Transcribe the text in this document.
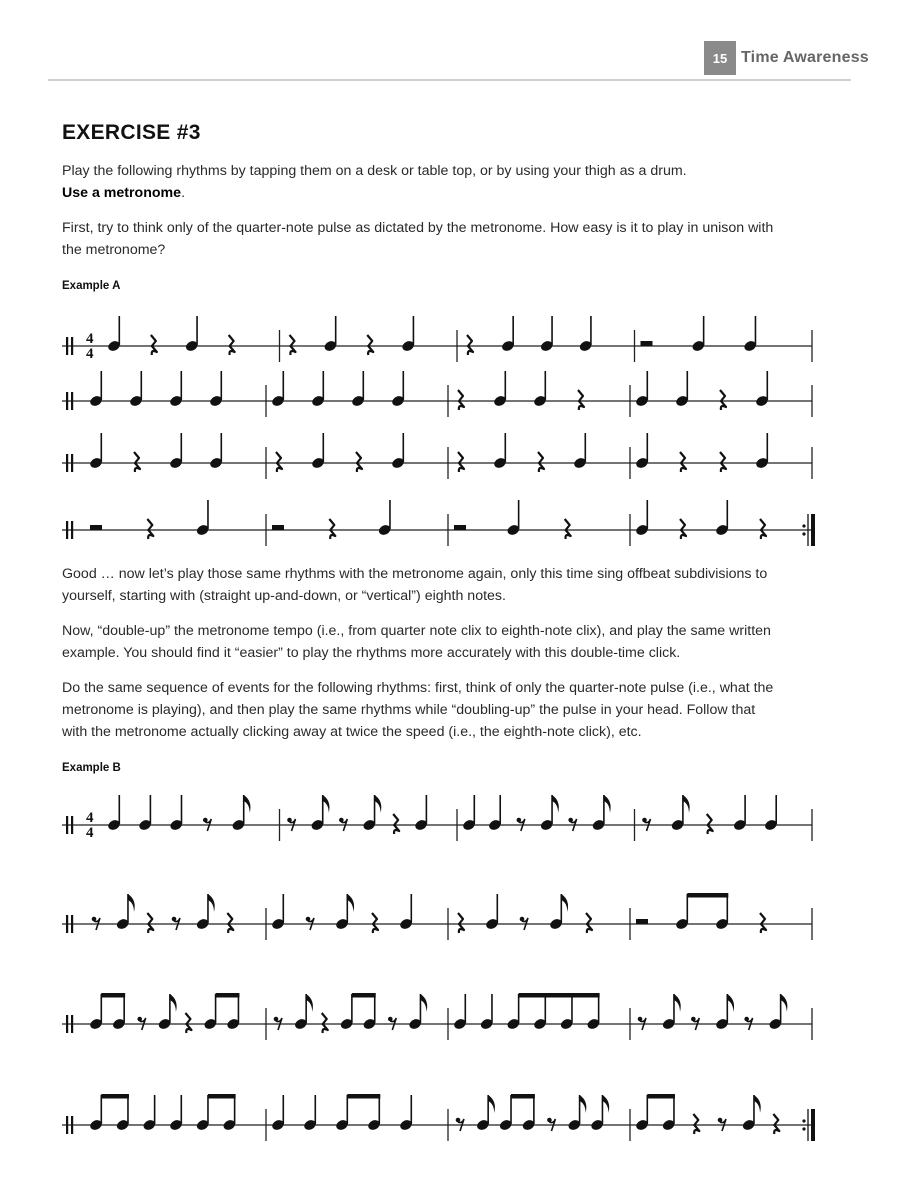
15 Time Awareness
EXERCISE #3

Play the following rhythms by tapping them on a desk or table top, or by using your thigh as a drum.
Use a metronome.

First, try to think only of the quarter-note pulse as dictated by the metronome. How easy is it to play in unison with the metronome?

Example A
4
4

Good … now let’s play those same rhythms with the metronome again, only this time sing offbeat subdivisions to yourself, starting with (straight up-and-down, or “vertical”) eighth notes.

Now, “double-up” the metronome tempo (i.e., from quarter note clix to eighth-note clix), and play the same written example. You should find it “easier” to play the rhythms more accurately with this double-time click.

Do the same sequence of events for the following rhythms: first, think of only the quarter-note pulse (i.e., what the metronome is playing), and then play the same rhythms while “doubling-up” the pulse in your head. Follow that with the metronome actually clicking away at twice the speed (i.e., the eighth-note click), etc.

Example B
4
4
